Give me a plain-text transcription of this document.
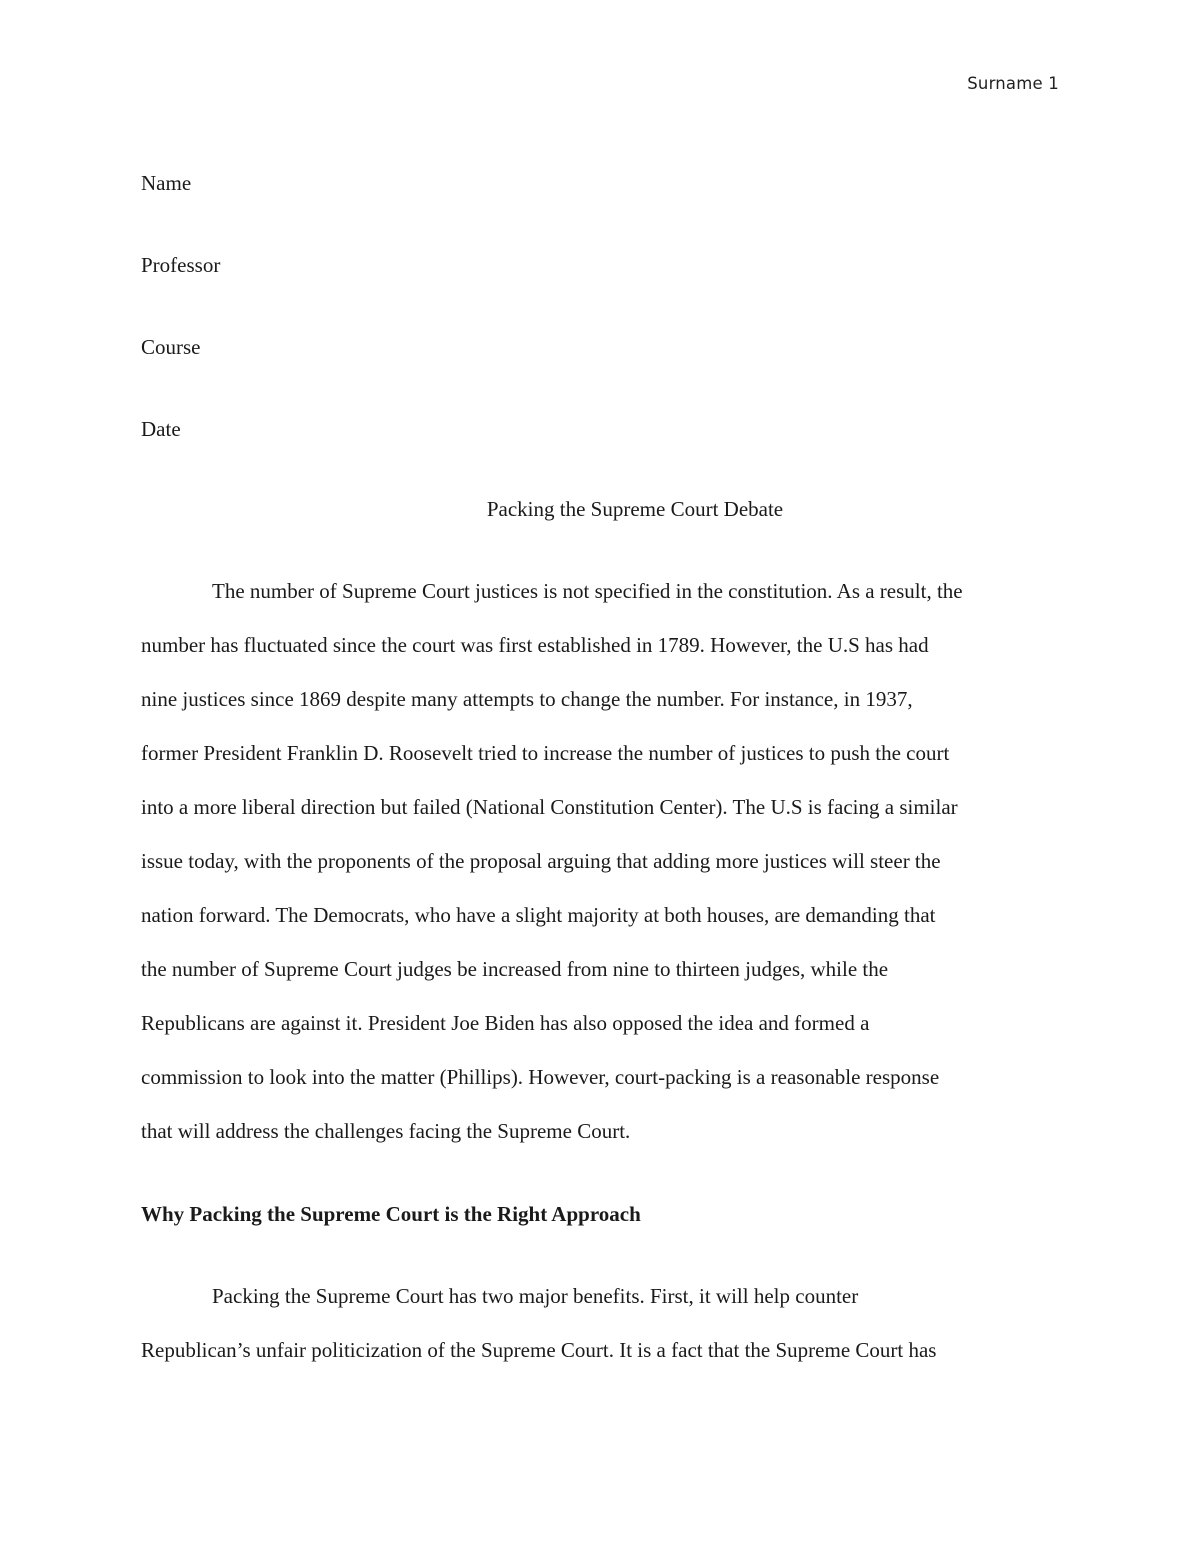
Surname 1
Name
Professor
Course
Date
Packing the Supreme Court Debate
The number of Supreme Court justices is not specified in the constitution. As a result, the
number has fluctuated since the court was first established in 1789. However, the U.S has had
nine justices since 1869 despite many attempts to change the number. For instance, in 1937,
former President Franklin D. Roosevelt tried to increase the number of justices to push the court
into a more liberal direction but failed (National Constitution Center). The U.S is facing a similar
issue today, with the proponents of the proposal arguing that adding more justices will steer the
nation forward. The Democrats, who have a slight majority at both houses, are demanding that
the number of Supreme Court judges be increased from nine to thirteen judges, while the
Republicans are against it. President Joe Biden has also opposed the idea and formed a
commission to look into the matter (Phillips). However, court-packing is a reasonable response
that will address the challenges facing the Supreme Court.
Why Packing the Supreme Court is the Right Approach
Packing the Supreme Court has two major benefits. First, it will help counter
Republican’s unfair politicization of the Supreme Court. It is a fact that the Supreme Court has
